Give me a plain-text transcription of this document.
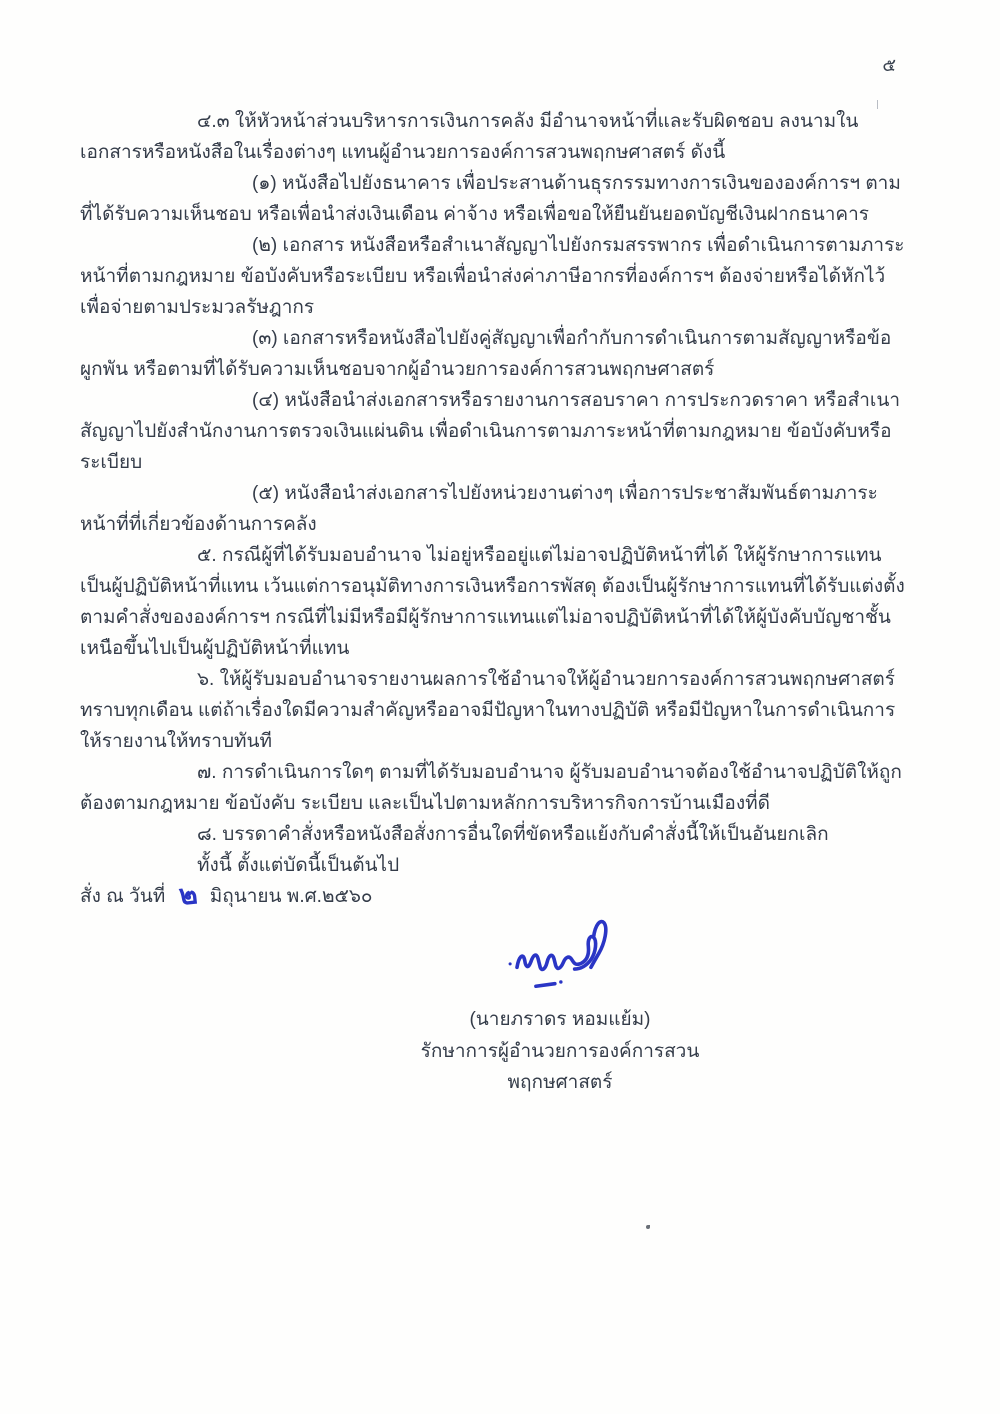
๕

๔.๓ ให้หัวหน้าส่วนบริหารการเงินการคลัง มีอำนาจหน้าที่และรับผิดชอบ ลงนามในเอกสารหรือหนังสือในเรื่องต่างๆ แทนผู้อำนวยการองค์การสวนพฤกษศาสตร์ ดังนี้

(๑) หนังสือไปยังธนาคาร เพื่อประสานด้านธุรกรรมทางการเงินขององค์การฯ ตามที่ได้รับความเห็นชอบ หรือเพื่อนำส่งเงินเดือน ค่าจ้าง หรือเพื่อขอให้ยืนยันยอดบัญชีเงินฝากธนาคาร

(๒) เอกสาร หนังสือหรือสำเนาสัญญาไปยังกรมสรรพากร เพื่อดำเนินการตามภาระหน้าที่ตามกฎหมาย ข้อบังคับหรือระเบียบ หรือเพื่อนำส่งค่าภาษีอากรที่องค์การฯ ต้องจ่ายหรือได้หักไว้เพื่อจ่ายตามประมวลรัษฎากร

(๓) เอกสารหรือหนังสือไปยังคู่สัญญาเพื่อกำกับการดำเนินการตามสัญญาหรือข้อผูกพัน หรือตามที่ได้รับความเห็นชอบจากผู้อำนวยการองค์การสวนพฤกษศาสตร์

(๔) หนังสือนำส่งเอกสารหรือรายงานการสอบราคา การประกวดราคา หรือสำเนาสัญญาไปยังสำนักงานการตรวจเงินแผ่นดิน เพื่อดำเนินการตามภาระหน้าที่ตามกฎหมาย ข้อบังคับหรือระเบียบ

(๕) หนังสือนำส่งเอกสารไปยังหน่วยงานต่างๆ เพื่อการประชาสัมพันธ์ตามภาระหน้าที่ที่เกี่ยวข้องด้านการคลัง

๕. กรณีผู้ที่ได้รับมอบอำนาจ ไม่อยู่หรืออยู่แต่ไม่อาจปฏิบัติหน้าที่ได้ ให้ผู้รักษาการแทนเป็นผู้ปฏิบัติหน้าที่แทน เว้นแต่การอนุมัติทางการเงินหรือการพัสดุ ต้องเป็นผู้รักษาการแทนที่ได้รับแต่งตั้งตามคำสั่งขององค์การฯ กรณีที่ไม่มีหรือมีผู้รักษาการแทนแต่ไม่อาจปฏิบัติหน้าที่ได้ให้ผู้บังคับบัญชาชั้นเหนือขึ้นไปเป็นผู้ปฏิบัติหน้าที่แทน

๖. ให้ผู้รับมอบอำนาจรายงานผลการใช้อำนาจให้ผู้อำนวยการองค์การสวนพฤกษศาสตร์ทราบทุกเดือน แต่ถ้าเรื่องใดมีความสำคัญหรืออาจมีปัญหาในทางปฏิบัติ หรือมีปัญหาในการดำเนินการให้รายงานให้ทราบทันที

๗. การดำเนินการใดๆ ตามที่ได้รับมอบอำนาจ ผู้รับมอบอำนาจต้องใช้อำนาจปฏิบัติให้ถูกต้องตามกฎหมาย ข้อบังคับ ระเบียบ และเป็นไปตามหลักการบริหารกิจการบ้านเมืองที่ดี

๘. บรรดาคำสั่งหรือหนังสือสั่งการอื่นใดที่ขัดหรือแย้งกับคำสั่งนี้ให้เป็นอันยกเลิก

ทั้งนี้ ตั้งแต่บัดนี้เป็นต้นไป

สั่ง ณ วันที่ ๒ มิถุนายน พ.ศ.๒๕๖๐

(นายภราดร หอมแย้ม)
รักษาการผู้อำนวยการองค์การสวนพฤกษศาสตร์
